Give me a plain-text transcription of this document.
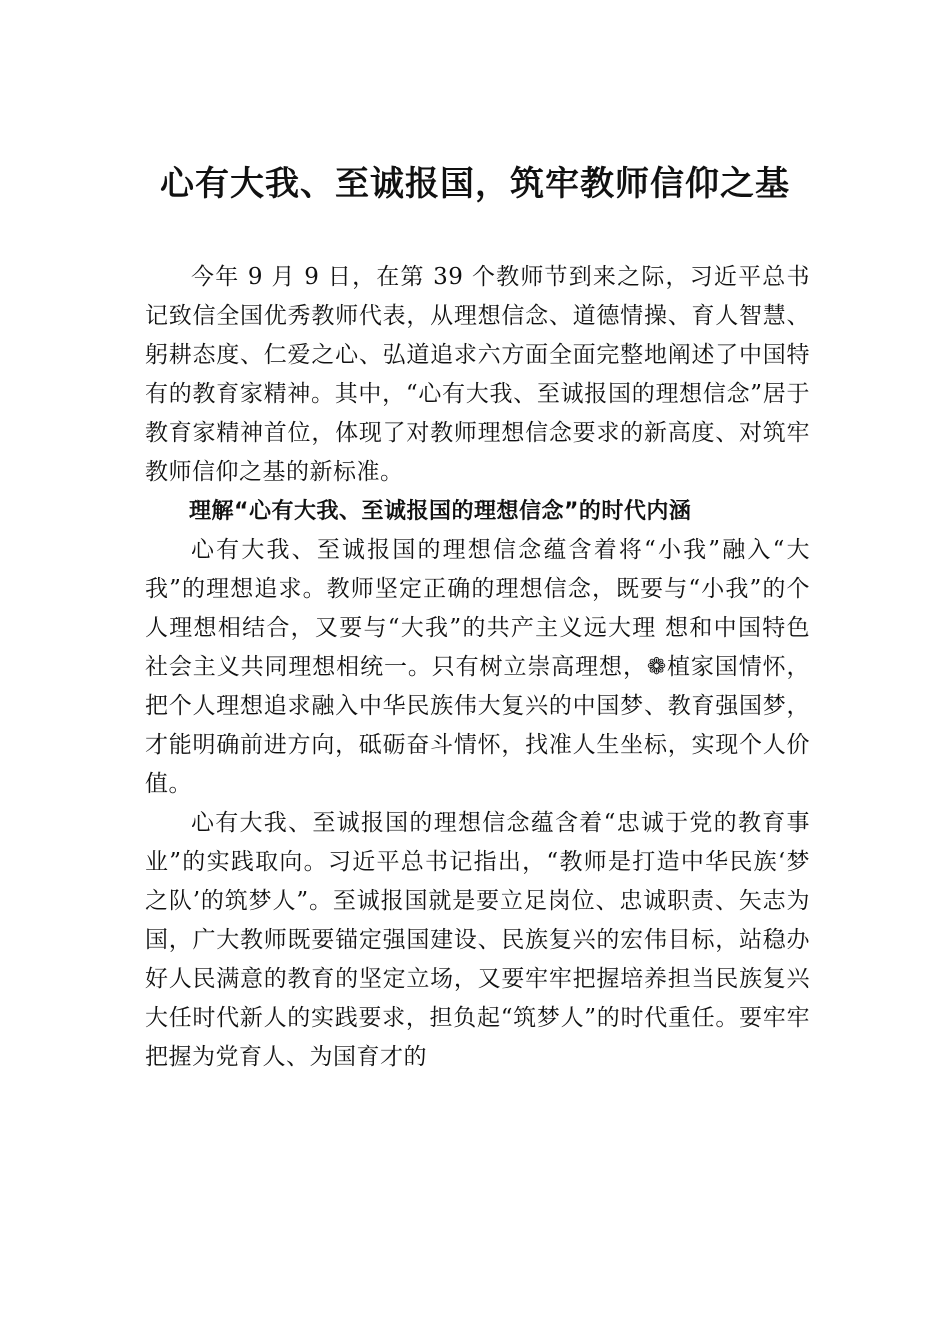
心有大我、至诚报国，筑牢教师信仰之基

今年 9 月 9 日，在第 39 个教师节到来之际，习近平总书记致信全国优秀教师代表，从理想信念、道德情操、育人智慧、躬耕态度、仁爱之心、弘道追求六方面全面完整地阐述了中国特有的教育家精神。其中，“心有大我、至诚报国的理想信念”居于教育家精神首位，体现了对教师理想信念要求的新高度、对筑牢教师信仰之基的新标准。

理解“心有大我、至诚报国的理想信念”的时代内涵

心有大我、至诚报国的理想信念蕴含着将“小我”融入“大我”的理想追求。教师坚定正确的理想信念，既要与“小我”的个人理想相结合，又要与“大我”的共产主义远大理 想和中国特色社会主义共同理想相统一。只有树立崇高理想，❁植家国情怀，把个人理想追求融入中华民族伟大复兴的中国梦、教育强国梦，才能明确前进方向，砥砺奋斗情怀，找准人生坐标，实现个人价值。

心有大我、至诚报国的理想信念蕴含着“忠诚于党的教育事业”的实践取向。习近平总书记指出，“教师是打造中华民族‘梦之队’的筑梦人”。至诚报国就是要立足岗位、忠诚职责、矢志为国，广大教师既要锚定强国建设、民族复兴的宏伟目标，站稳办好人民满意的教育的坚定立场，又要牢牢把握培养担当民族复兴大任时代新人的实践要求，担负起“筑梦人”的时代重任。要牢牢把握为党育人、为国育才的
